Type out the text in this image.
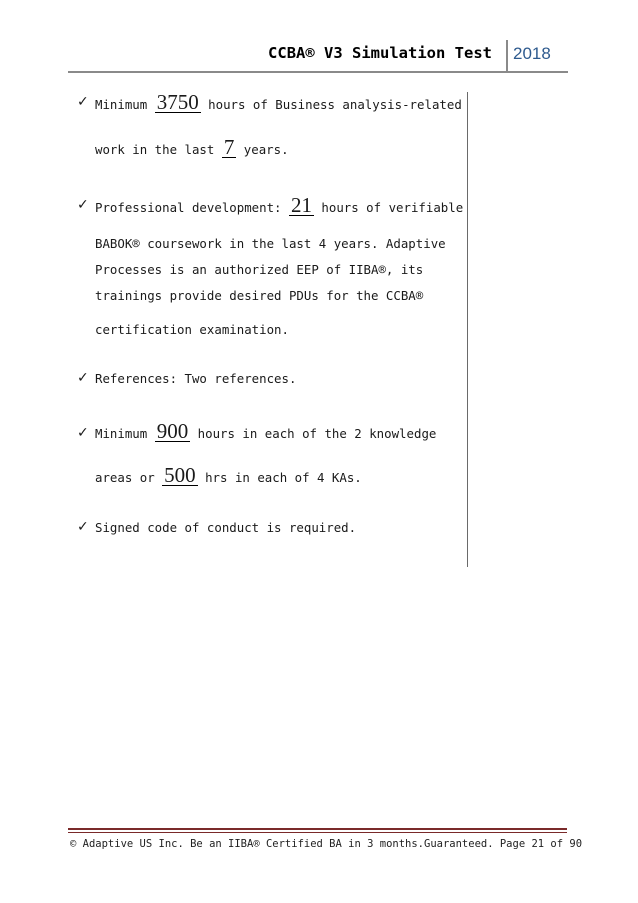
CCBA® V3 Simulation Test 2018
✓ Minimum 3750 hours of Business analysis-related
work in the last 7 years.
✓ Professional development: 21 hours of verifiable
BABOK® coursework in the last 4 years. Adaptive
Processes is an authorized EEP of IIBA®, its
trainings provide desired PDUs for the CCBA®
certification examination.
✓ References: Two references.
✓ Minimum 900 hours in each of the 2 knowledge
areas or 500 hrs in each of 4 KAs.
✓ Signed code of conduct is required.
© Adaptive US Inc. Be an IIBA® Certified BA in 3 months.Guaranteed. Page 21 of 90
